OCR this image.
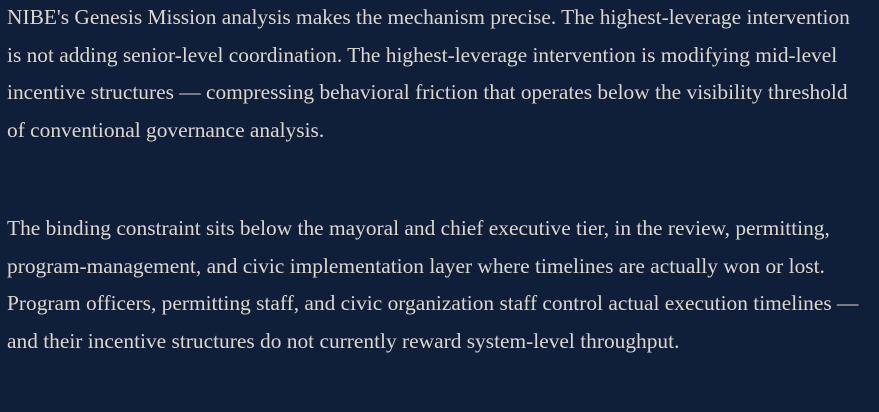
NIBE's Genesis Mission analysis makes the mechanism precise. The highest-leverage intervention is not adding senior-level coordination. The highest-leverage intervention is modifying mid-level incentive structures — compressing behavioral friction that operates below the visibility threshold of conventional governance analysis.

The binding constraint sits below the mayoral and chief executive tier, in the review, permitting, program-management, and civic implementation layer where timelines are actually won or lost. Program officers, permitting staff, and civic organization staff control actual execution timelines — and their incentive structures do not currently reward system-level throughput.
